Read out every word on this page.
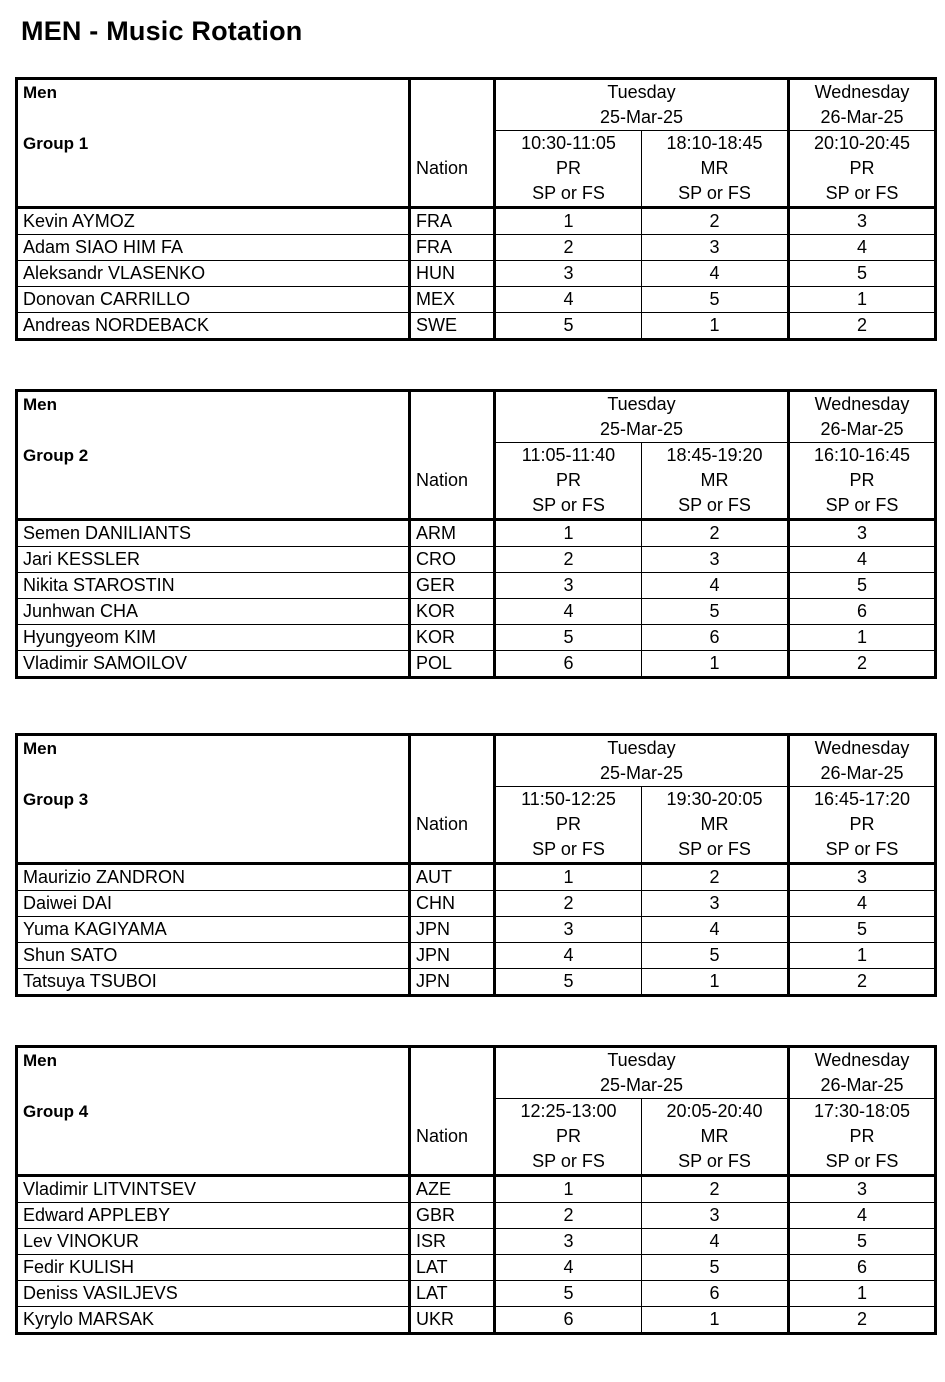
MEN - Music Rotation
Men		Tuesday		Wednesday
		25-Mar-25		26-Mar-25
Group 1		10:30-11:05	18:10-18:45	20:10-20:45
	Nation	PR	MR	PR
		SP or FS	SP or FS	SP or FS
Kevin AYMOZ	FRA	1	2	3
Adam SIAO HIM FA	FRA	2	3	4
Aleksandr VLASENKO	HUN	3	4	5
Donovan CARRILLO	MEX	4	5	1
Andreas NORDEBACK	SWE	5	1	2
Men		Tuesday		Wednesday
		25-Mar-25		26-Mar-25
Group 2		11:05-11:40	18:45-19:20	16:10-16:45
	Nation	PR	MR	PR
		SP or FS	SP or FS	SP or FS
Semen DANILIANTS	ARM	1	2	3
Jari KESSLER	CRO	2	3	4
Nikita STAROSTIN	GER	3	4	5
Junhwan CHA	KOR	4	5	6
Hyungyeom KIM	KOR	5	6	1
Vladimir SAMOILOV	POL	6	1	2
Men		Tuesday		Wednesday
		25-Mar-25		26-Mar-25
Group 3		11:50-12:25	19:30-20:05	16:45-17:20
	Nation	PR	MR	PR
		SP or FS	SP or FS	SP or FS
Maurizio ZANDRON	AUT	1	2	3
Daiwei DAI	CHN	2	3	4
Yuma KAGIYAMA	JPN	3	4	5
Shun SATO	JPN	4	5	1
Tatsuya TSUBOI	JPN	5	1	2
Men		Tuesday		Wednesday
		25-Mar-25		26-Mar-25
Group 4		12:25-13:00	20:05-20:40	17:30-18:05
	Nation	PR	MR	PR
		SP or FS	SP or FS	SP or FS
Vladimir LITVINTSEV	AZE	1	2	3
Edward APPLEBY	GBR	2	3	4
Lev VINOKUR	ISR	3	4	5
Fedir KULISH	LAT	4	5	6
Deniss VASILJEVS	LAT	5	6	1
Kyrylo MARSAK	UKR	6	1	2
